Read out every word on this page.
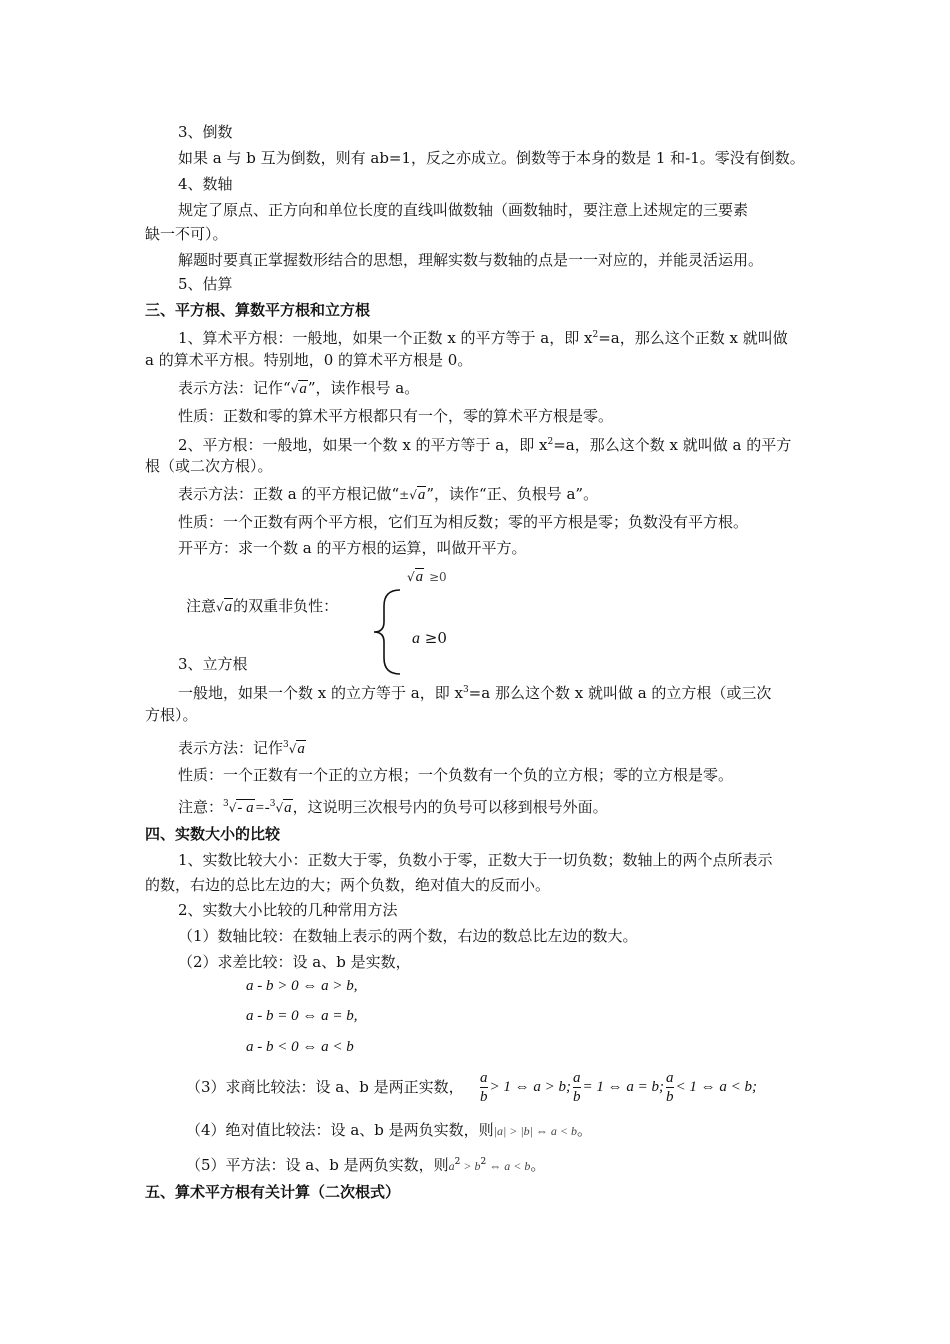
3、倒数
如果 a 与 b 互为倒数，则有 ab=1，反之亦成立。倒数等于本身的数是 1 和-1。零没有倒数。
4、数轴
规定了原点、正方向和单位长度的直线叫做数轴（画数轴时，要注意上述规定的三要素
缺一不可）。
解题时要真正掌握数形结合的思想，理解实数与数轴的点是一一对应的，并能灵活运用。
5、估算
三、平方根、算数平方根和立方根
1、算术平方根：一般地，如果一个正数 x 的平方等于 a，即 $x^2=a$，那么这个正数 x 就叫做
a 的算术平方根。特别地，0 的算术平方根是 0。
表示方法：记作“√a”，读作根号 a。
性质：正数和零的算术平方根都只有一个，零的算术平方根是零。
2、平方根：一般地，如果一个数 x 的平方等于 a，即 $x^2=a$，那么这个数 x 就叫做 a 的平方
根（或二次方根）。
表示方法：正数 a 的平方根记做“±√a”，读作“正、负根号 a”。
性质：一个正数有两个平方根，它们互为相反数；零的平方根是零；负数没有平方根。
开平方：求一个数 a 的平方根的运算，叫做开平方。
√a ≥0
注意√a的双重非负性：
a ≥0
3、立方根
一般地，如果一个数 x 的立方等于 a，即 $x^3=a$ 那么这个数 x 就叫做 a 的立方根（或三次
方根）。
表示方法：记作$^3$√a
性质：一个正数有一个正的立方根；一个负数有一个负的立方根；零的立方根是零。
注意：$^3$√- a=-$^3$√a，这说明三次根号内的负号可以移到根号外面。
四、实数大小的比较
1、实数比较大小：正数大于零，负数小于零，正数大于一切负数；数轴上的两个点所表示
的数，右边的总比左边的大；两个负数，绝对值大的反而小。
2、实数大小比较的几种常用方法
（1）数轴比较：在数轴上表示的两个数，右边的数总比左边的数大。
（2）求差比较：设 a、b 是实数，
a - b > 0 ⇔ a > b,
a - b = 0 ⇔ a = b,
a - b < 0 ⇔ a < b
（3）求商比较法：设 a、b 是两正实数， $\frac{a}{b} > 1$ ⇔ a > b; $\frac{a}{b} = 1$ ⇔ a = b; $\frac{a}{b} < 1$ ⇔ a < b;
（4）绝对值比较法：设 a、b 是两负实数，则|a| > |b| ⇔ a < b。
（5）平方法：设 a、b 是两负实数，则$a^2 > b^2$ ⇔ a < b。
五、算术平方根有关计算（二次根式）
